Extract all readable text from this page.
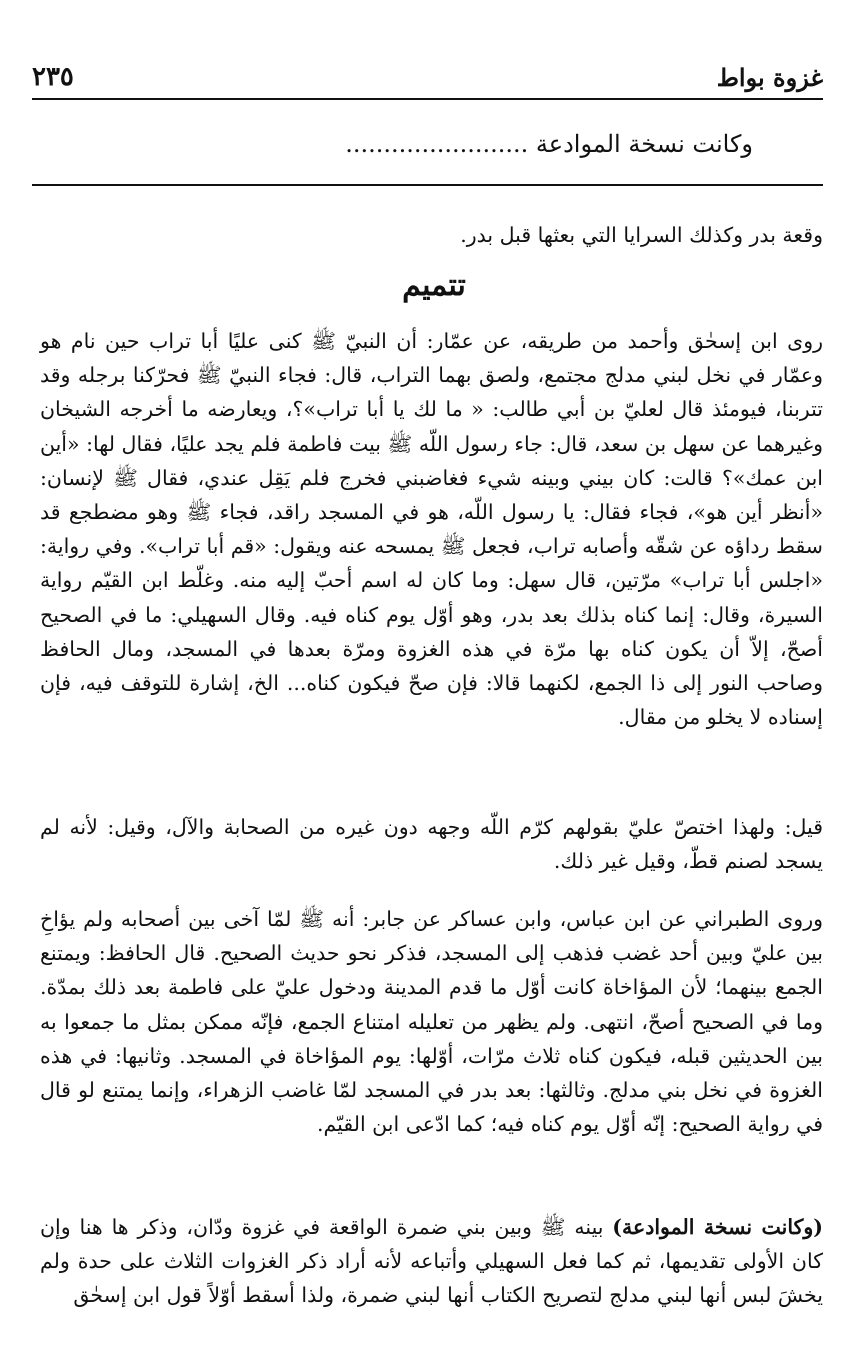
٢٣٥	غزوة بواط
وكانت نسخة الموادعة ........................
وقعة بدر وكذلك السرايا التي بعثها قبل بدر.
تتميم
روى ابن إسحٰق وأحمد من طريقه، عن عمّار: أن النبيّ ﷺ كنى عليًا أبا تراب حين نام هو وعمّار في نخل لبني مدلج مجتمع، ولصق بهما التراب، قال: فجاء النبيّ ﷺ فحرّكنا برجله وقد تتربنا، فيومئذ قال لعليّ بن أبي طالب: « ما لك يا أبا تراب»؟، ويعارضه ما أخرجه الشيخان وغيرهما عن سهل بن سعد، قال: جاء رسول اللّه ﷺ بيت فاطمة فلم يجد عليًا، فقال لها: «أين ابن عمك»؟ قالت: كان بيني وبينه شيء فغاضبني فخرج فلم يَقِل عندي، فقال ﷺ لإنسان: «أنظر أين هو»، فجاء فقال: يا رسول اللّه، هو في المسجد راقد، فجاء ﷺ وهو مضطجع قد سقط رداؤه عن شقّه وأصابه تراب، فجعل ﷺ يمسحه عنه ويقول: «قم أبا تراب». وفي رواية: «اجلس أبا تراب» مرّتين، قال سهل: وما كان له اسم أحبّ إليه منه. وغلّط ابن القيّم رواية السيرة، وقال: إنما كناه بذلك بعد بدر، وهو أوّل يوم كناه فيه. وقال السهيلي: ما في الصحيح أصحّ، إلاّ أن يكون كناه بها مرّة في هذه الغزوة ومرّة بعدها في المسجد، ومال الحافظ وصاحب النور إلى ذا الجمع، لكنهما قالا: فإن صحّ فيكون كناه... الخ، إشارة للتوقف فيه، فإن إسناده لا يخلو من مقال.
قيل: ولهذا اختصّ عليّ بقولهم كرّم اللّه وجهه دون غيره من الصحابة والآل، وقيل: لأنه لم يسجد لصنم قطّ، وقيل غير ذلك.
وروى الطبراني عن ابن عباس، وابن عساكر عن جابر: أنه ﷺ لمّا آخى بين أصحابه ولم يؤاخِ بين عليّ وبين أحد غضب فذهب إلى المسجد، فذكر نحو حديث الصحيح. قال الحافظ: ويمتنع الجمع بينهما؛ لأن المؤاخاة كانت أوّل ما قدم المدينة ودخول عليّ على فاطمة بعد ذلك بمدّة. وما في الصحيح أصحّ، انتهى. ولم يظهر من تعليله امتناع الجمع، فإنّه ممكن بمثل ما جمعوا به بين الحديثين قبله، فيكون كناه ثلاث مرّات، أوّلها: يوم المؤاخاة في المسجد. وثانيها: في هذه الغزوة في نخل بني مدلج. وثالثها: بعد بدر في المسجد لمّا غاضب الزهراء، وإنما يمتنع لو قال في رواية الصحيح: إنّه أوّل يوم كناه فيه؛ كما ادّعى ابن القيّم.
(وكانت نسخة الموادعة) بينه ﷺ وبين بني ضمرة الواقعة في غزوة ودّان، وذكر ها هنا وإن كان الأولى تقديمها، ثم كما فعل السهيلي وأتباعه لأنه أراد ذكر الغزوات الثلاث على حدة ولم يخشَ لبس أنها لبني مدلج لتصريح الكتاب أنها لبني ضمرة، ولذا أسقط أوّلاً قول ابن إسحٰق
